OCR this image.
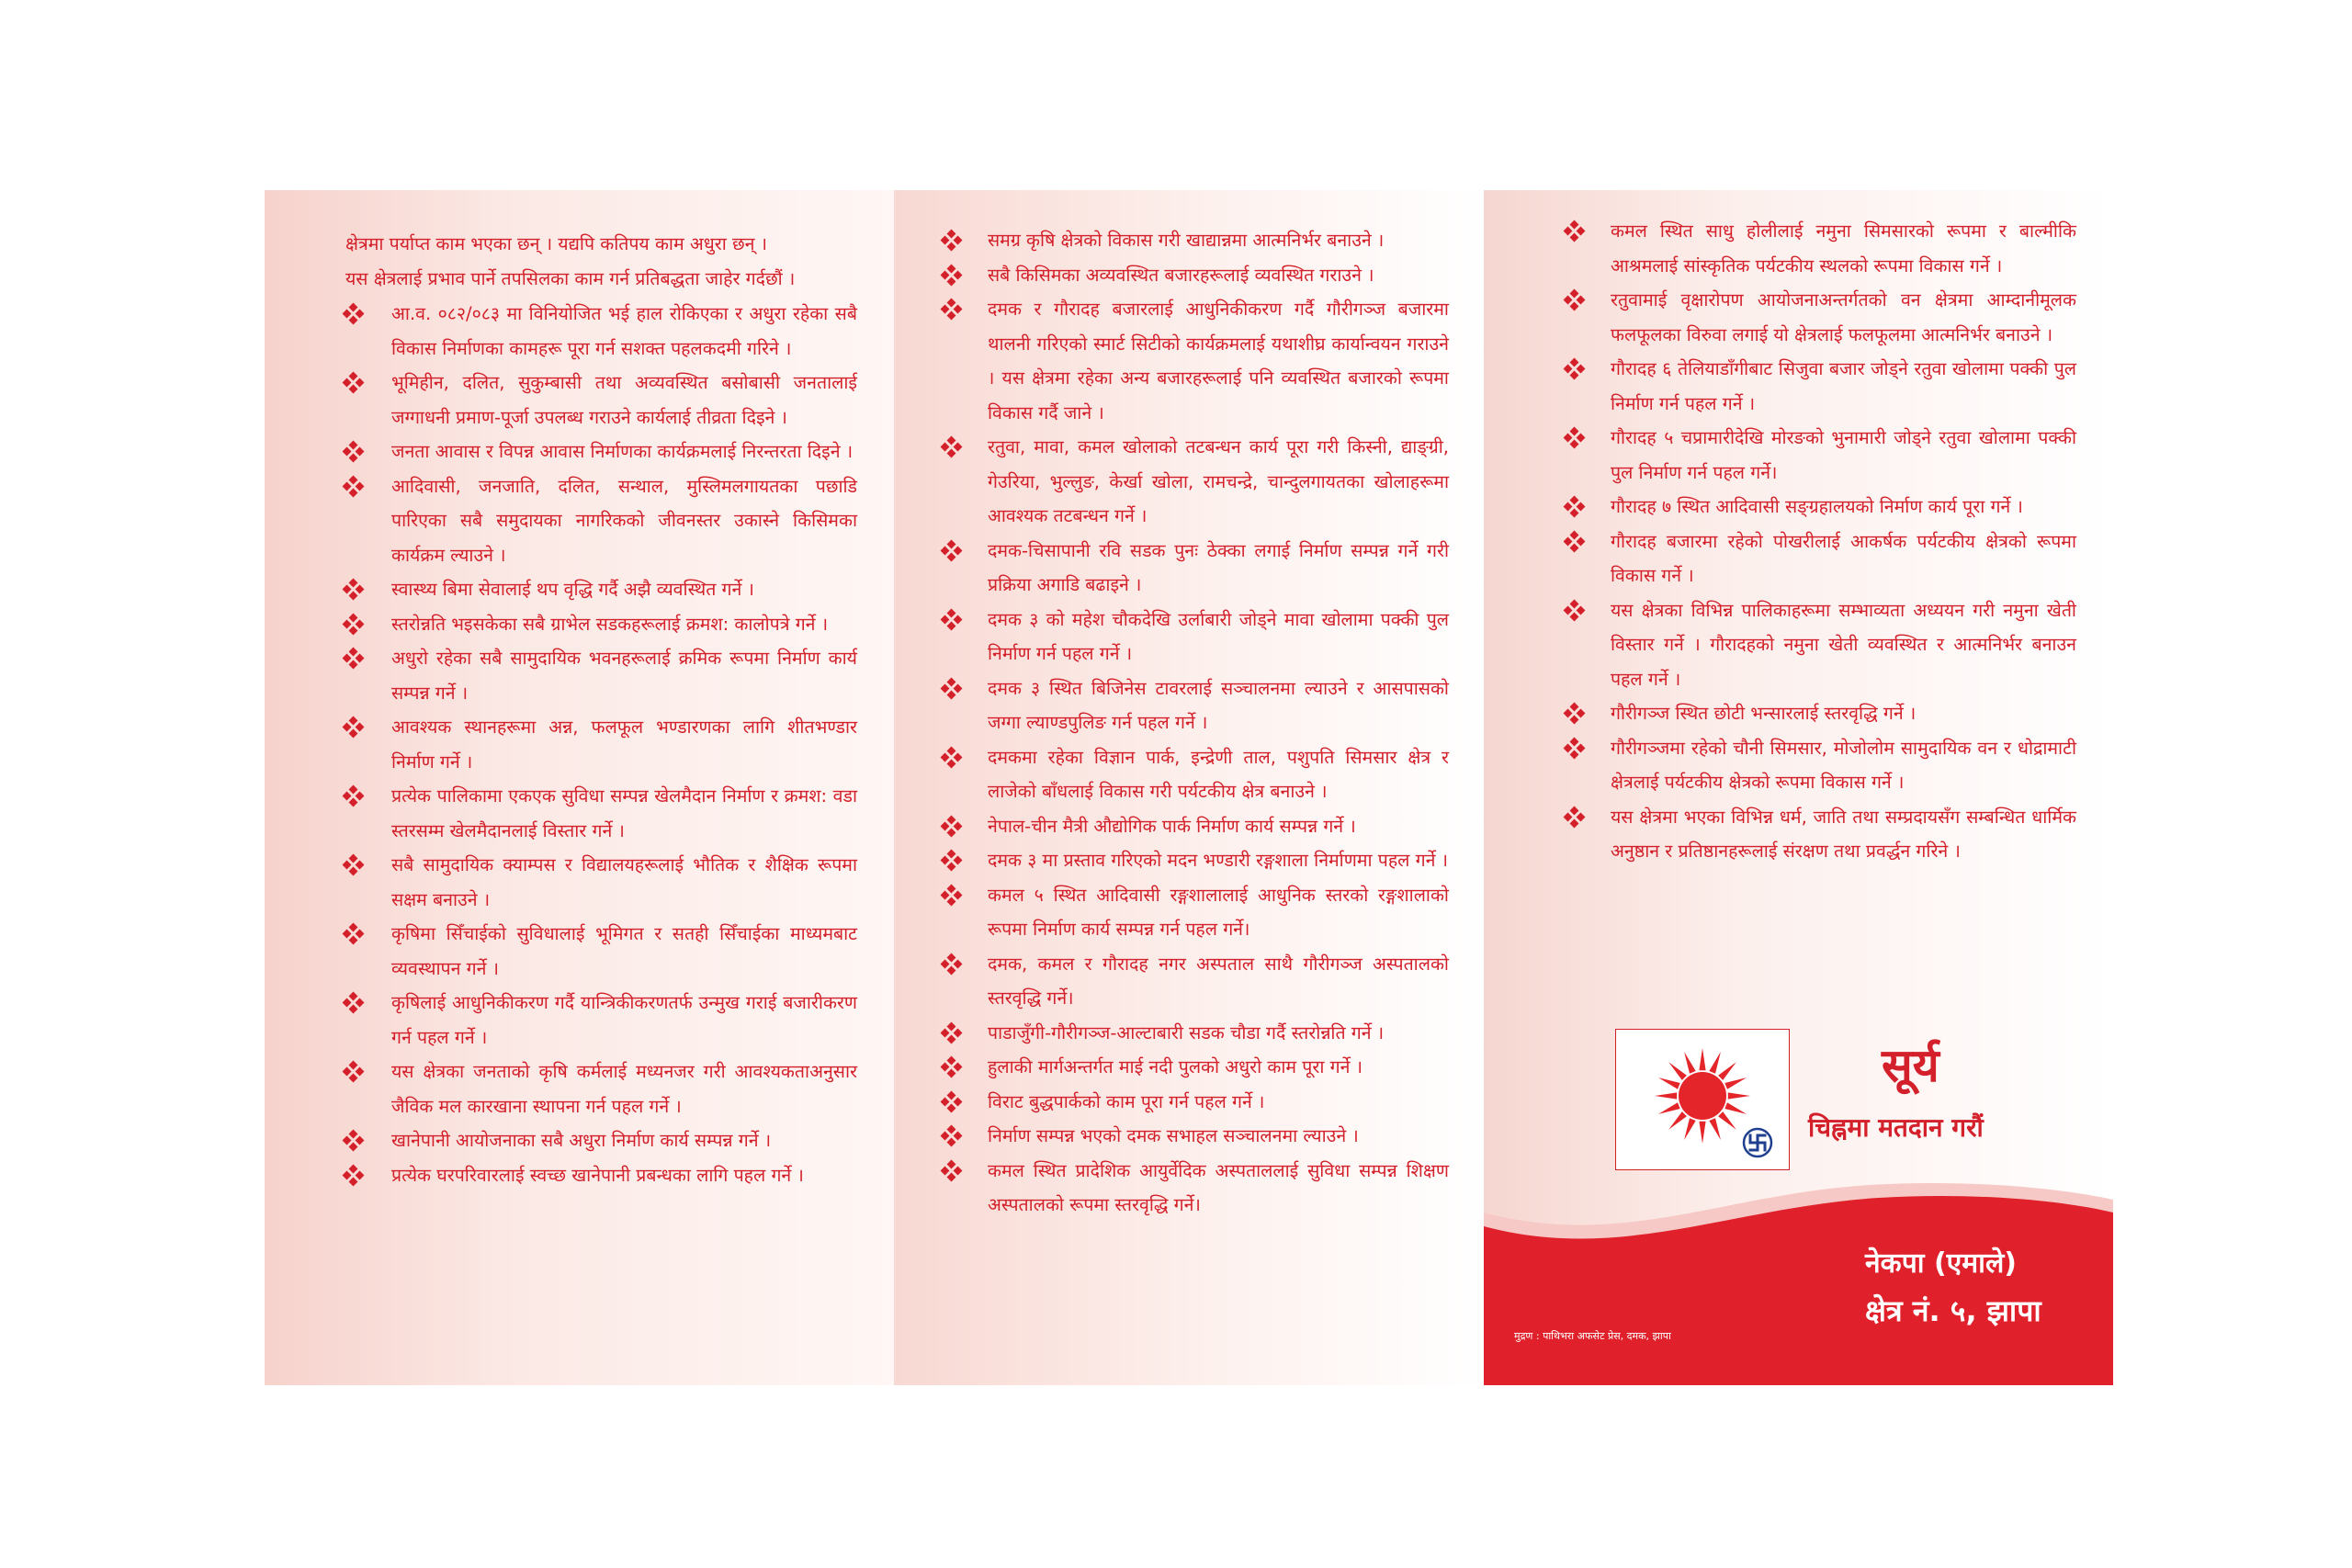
क्षेत्रमा पर्याप्त काम भएका छन् । यद्यपि कतिपय काम अधुरा छन् ।

यस क्षेत्रलाई प्रभाव पार्ने तपसिलका काम गर्न प्रतिबद्धता जाहेर गर्दछौं ।

आ.व. ०८२/०८३ मा विनियोजित भई हाल रोकिएका र अधुरा रहेका सबै विकास निर्माणका कामहरू पूरा गर्न सशक्त पहलकदमी गरिने ।
भूमिहीन, दलित, सुकुम्बासी तथा अव्यवस्थित बसोबासी जनतालाई जग्गाधनी प्रमाण-पूर्जा उपलब्ध गराउने कार्यलाई तीव्रता दिइने ।
जनता आवास र विपन्न आवास निर्माणका कार्यक्रमलाई निरन्तरता दिइने ।
आदिवासी, जनजाति, दलित, सन्थाल, मुस्लिमलगायतका पछाडि पारिएका सबै समुदायका नागरिकको जीवनस्तर उकास्ने किसिमका कार्यक्रम ल्याउने ।
स्वास्थ्य बिमा सेवालाई थप वृद्धि गर्दै अझै व्यवस्थित गर्ने ।
स्तरोन्नति भइसकेका सबै ग्राभेल सडकहरूलाई क्रमश: कालोपत्रे गर्ने ।
अधुरो रहेका सबै सामुदायिक भवनहरूलाई क्रमिक रूपमा निर्माण कार्य सम्पन्न गर्ने ।
आवश्यक स्थानहरूमा अन्न, फलफूल भण्डारणका लागि शीतभण्डार निर्माण गर्ने ।
प्रत्येक पालिकामा एकएक सुविधा सम्पन्न खेलमैदान निर्माण र क्रमश: वडा स्तरसम्म खेलमैदानलाई विस्तार गर्ने ।
सबै सामुदायिक क्याम्पस र विद्यालयहरूलाई भौतिक र शैक्षिक रूपमा सक्षम बनाउने ।
कृषिमा सिँचाईको सुविधालाई भूमिगत र सतही सिँचाईका माध्यमबाट व्यवस्थापन गर्ने ।
कृषिलाई आधुनिकीकरण गर्दै यान्त्रिकीकरणतर्फ उन्मुख गराई बजारीकरण गर्न पहल गर्ने ।
यस क्षेत्रका जनताको कृषि कर्मलाई मध्यनजर गरी आवश्यकताअनुसार जैविक मल कारखाना स्थापना गर्न पहल गर्ने ।
खानेपानी आयोजनाका सबै अधुरा निर्माण कार्य सम्पन्न गर्ने ।
प्रत्येक घरपरिवारलाई स्वच्छ खानेपानी प्रबन्धका लागि पहल गर्ने ।
समग्र कृषि क्षेत्रको विकास गरी खाद्यान्नमा आत्मनिर्भर बनाउने ।
सबै किसिमका अव्यवस्थित बजारहरूलाई व्यवस्थित गराउने ।
दमक र गौरादह बजारलाई आधुनिकीकरण गर्दै गौरीगञ्ज बजारमा थालनी गरिएको स्मार्ट सिटीको कार्यक्रमलाई यथाशीघ्र कार्यान्वयन गराउने । यस क्षेत्रमा रहेका अन्य बजारहरूलाई पनि व्यवस्थित बजारको रूपमा विकास गर्दै जाने ।
रतुवा, मावा, कमल खोलाको तटबन्धन कार्य पूरा गरी किस्नी, द्याङ्ग्री, गेउरिया, भुल्लुङ, केर्खा खोला, रामचन्द्रे, चान्दुलगायतका खोलाहरूमा आवश्यक तटबन्धन गर्ने ।
दमक-चिसापानी रवि सडक पुनः ठेक्का लगाई निर्माण सम्पन्न गर्ने गरी प्रक्रिया अगाडि बढाइने ।
दमक ३ को महेश चौकदेखि उर्लाबारी जोड्ने मावा खोलामा पक्की पुल निर्माण गर्न पहल गर्ने ।
दमक ३ स्थित बिजिनेस टावरलाई सञ्चालनमा ल्याउने र आसपासको जग्गा ल्याण्डपुलिङ गर्न पहल गर्ने ।
दमकमा रहेका विज्ञान पार्क, इन्द्रेणी ताल, पशुपति सिमसार क्षेत्र र लाजेको बाँधलाई विकास गरी पर्यटकीय क्षेत्र बनाउने ।
नेपाल-चीन मैत्री औद्योगिक पार्क निर्माण कार्य सम्पन्न गर्ने ।
दमक ३ मा प्रस्ताव गरिएको मदन भण्डारी रङ्गशाला निर्माणमा पहल गर्ने ।
कमल ५ स्थित आदिवासी रङ्गशालालाई आधुनिक स्तरको रङ्गशालाको रूपमा निर्माण कार्य सम्पन्न गर्न पहल गर्ने।
दमक, कमल र गौरादह नगर अस्पताल साथै गौरीगञ्ज अस्पतालको स्तरवृद्धि गर्ने।
पाडाजुँगी-गौरीगञ्ज-आल्टाबारी सडक चौडा गर्दै स्तरोन्नति गर्ने ।
हुलाकी मार्गअन्तर्गत माई नदी पुलको अधुरो काम पूरा गर्ने ।
विराट बुद्धपार्कको काम पूरा गर्न पहल गर्ने ।
निर्माण सम्पन्न भएको दमक सभाहल सञ्चालनमा ल्याउने ।
कमल स्थित प्रादेशिक आयुर्वेदिक अस्पताललाई सुविधा सम्पन्न शिक्षण अस्पतालको रूपमा स्तरवृद्धि गर्ने।
कमल स्थित साधु होलीलाई नमुना सिमसारको रूपमा र बाल्मीकि आश्रमलाई सांस्कृतिक पर्यटकीय स्थलको रूपमा विकास गर्ने ।
रतुवामाई वृक्षारोपण आयोजनाअन्तर्गतको वन क्षेत्रमा आम्दानीमूलक फलफूलका विरुवा लगाई यो क्षेत्रलाई फलफूलमा आत्मनिर्भर बनाउने ।
गौरादह ६ तेलियाडाँगीबाट सिजुवा बजार जोड्ने रतुवा खोलामा पक्की पुल निर्माण गर्न पहल गर्ने ।
गौरादह ५ चप्रामारीदेखि मोरङको भुनामारी जोड्ने रतुवा खोलामा पक्की पुल निर्माण गर्न पहल गर्ने।
गौरादह ७ स्थित आदिवासी सङ्ग्रहालयको निर्माण कार्य पूरा गर्ने ।
गौरादह बजारमा रहेको पोखरीलाई आकर्षक पर्यटकीय क्षेत्रको रूपमा विकास गर्ने ।
यस क्षेत्रका विभिन्न पालिकाहरूमा सम्भाव्यता अध्ययन गरी नमुना खेती विस्तार गर्ने । गौरादहको नमुना खेती व्यवस्थित र आत्मनिर्भर बनाउन पहल गर्ने ।
गौरीगञ्ज स्थित छोटी भन्सारलाई स्तरवृद्धि गर्ने ।
गौरीगञ्जमा रहेको चौनी सिमसार, मोजोलोम सामुदायिक वन र धोद्रामाटी क्षेत्रलाई पर्यटकीय क्षेत्रको रूपमा विकास गर्ने ।
यस क्षेत्रमा भएका विभिन्न धर्म, जाति तथा सम्प्रदायसँग सम्बन्धित धार्मिक अनुष्ठान र प्रतिष्ठानहरूलाई संरक्षण तथा प्रवर्द्धन गरिने ।
सूर्य
चिह्नमा मतदान गरौं
नेकपा (एमाले)
क्षेत्र नं. ५, झापा
मुद्रण : पाथिभरा अफसेट प्रेस, दमक, झापा
